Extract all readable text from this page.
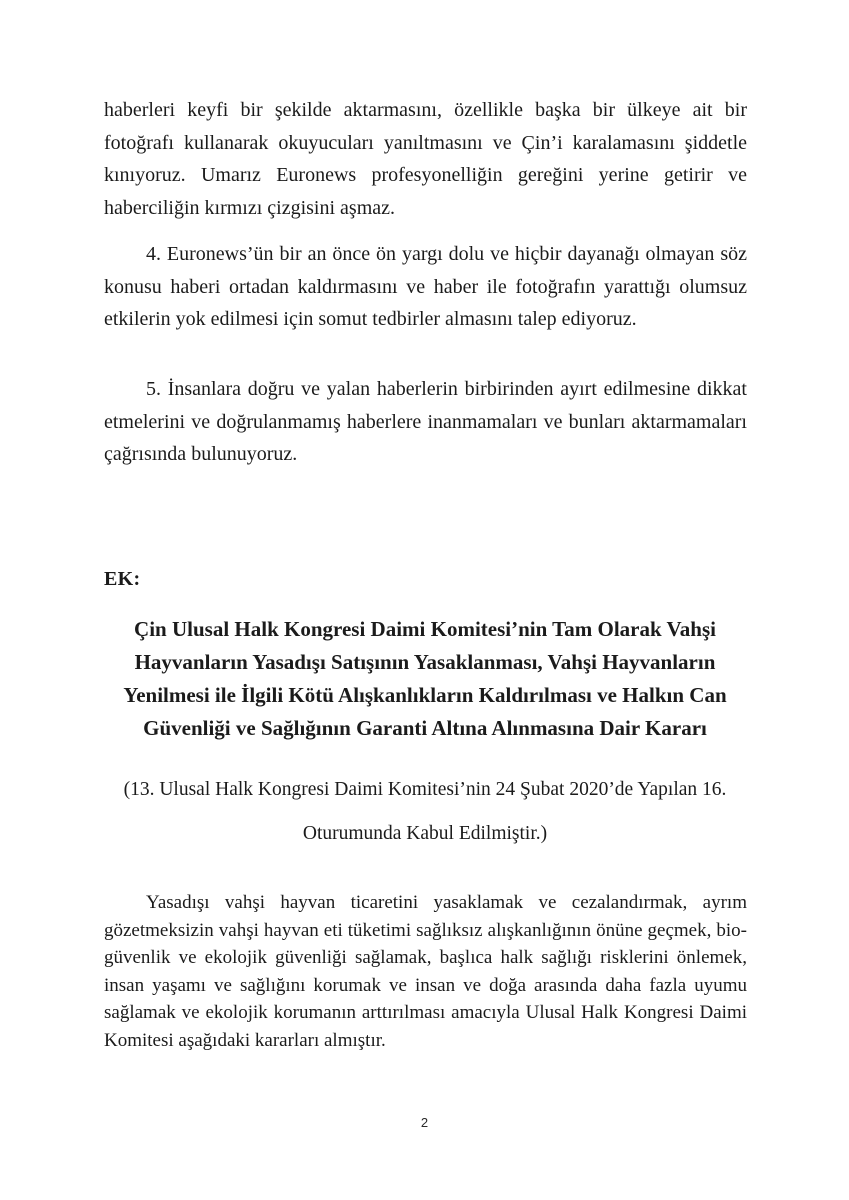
haberleri keyfi bir şekilde aktarmasını, özellikle başka bir ülkeye ait bir fotoğrafı kullanarak okuyucuları yanıltmasını ve Çin’i karalamasını şiddetle kınıyoruz. Umarız Euronews profesyonelliğin gereğini yerine getirir ve haberciliğin kırmızı çizgisini aşmaz.
4. Euronews’ün bir an önce ön yargı dolu ve hiçbir dayanağı olmayan söz konusu haberi ortadan kaldırmasını ve haber ile fotoğrafın yarattığı olumsuz etkilerin yok edilmesi için somut tedbirler almasını talep ediyoruz.
5. İnsanlara doğru ve yalan haberlerin birbirinden ayırt edilmesine dikkat etmelerini ve doğrulanmamış haberlere inanmamaları ve bunları aktarmamaları çağrısında bulunuyoruz.
EK:
Çin Ulusal Halk Kongresi Daimi Komitesi’nin Tam Olarak Vahşi Hayvanların Yasadışı Satışının Yasaklanması, Vahşi Hayvanların Yenilmesi ile İlgili Kötü Alışkanlıkların Kaldırılması ve Halkın Can Güvenliği ve Sağlığının Garanti Altına Alınmasına Dair Kararı
(13. Ulusal Halk Kongresi Daimi Komitesi’nin 24 Şubat 2020’de Yapılan 16. Oturumunda Kabul Edilmiştir.)
Yasadışı vahşi hayvan ticaretini yasaklamak ve cezalandırmak, ayrım gözetmeksizin vahşi hayvan eti tüketimi sağlıksız alışkanlığının önüne geçmek, bio-güvenlik ve ekolojik güvenliği sağlamak, başlıca halk sağlığı risklerini önlemek, insan yaşamı ve sağlığını korumak ve insan ve doğa arasında daha fazla uyumu sağlamak ve ekolojik korumanın arttırılması amacıyla Ulusal Halk Kongresi Daimi Komitesi aşağıdaki kararları almıştır.
2
